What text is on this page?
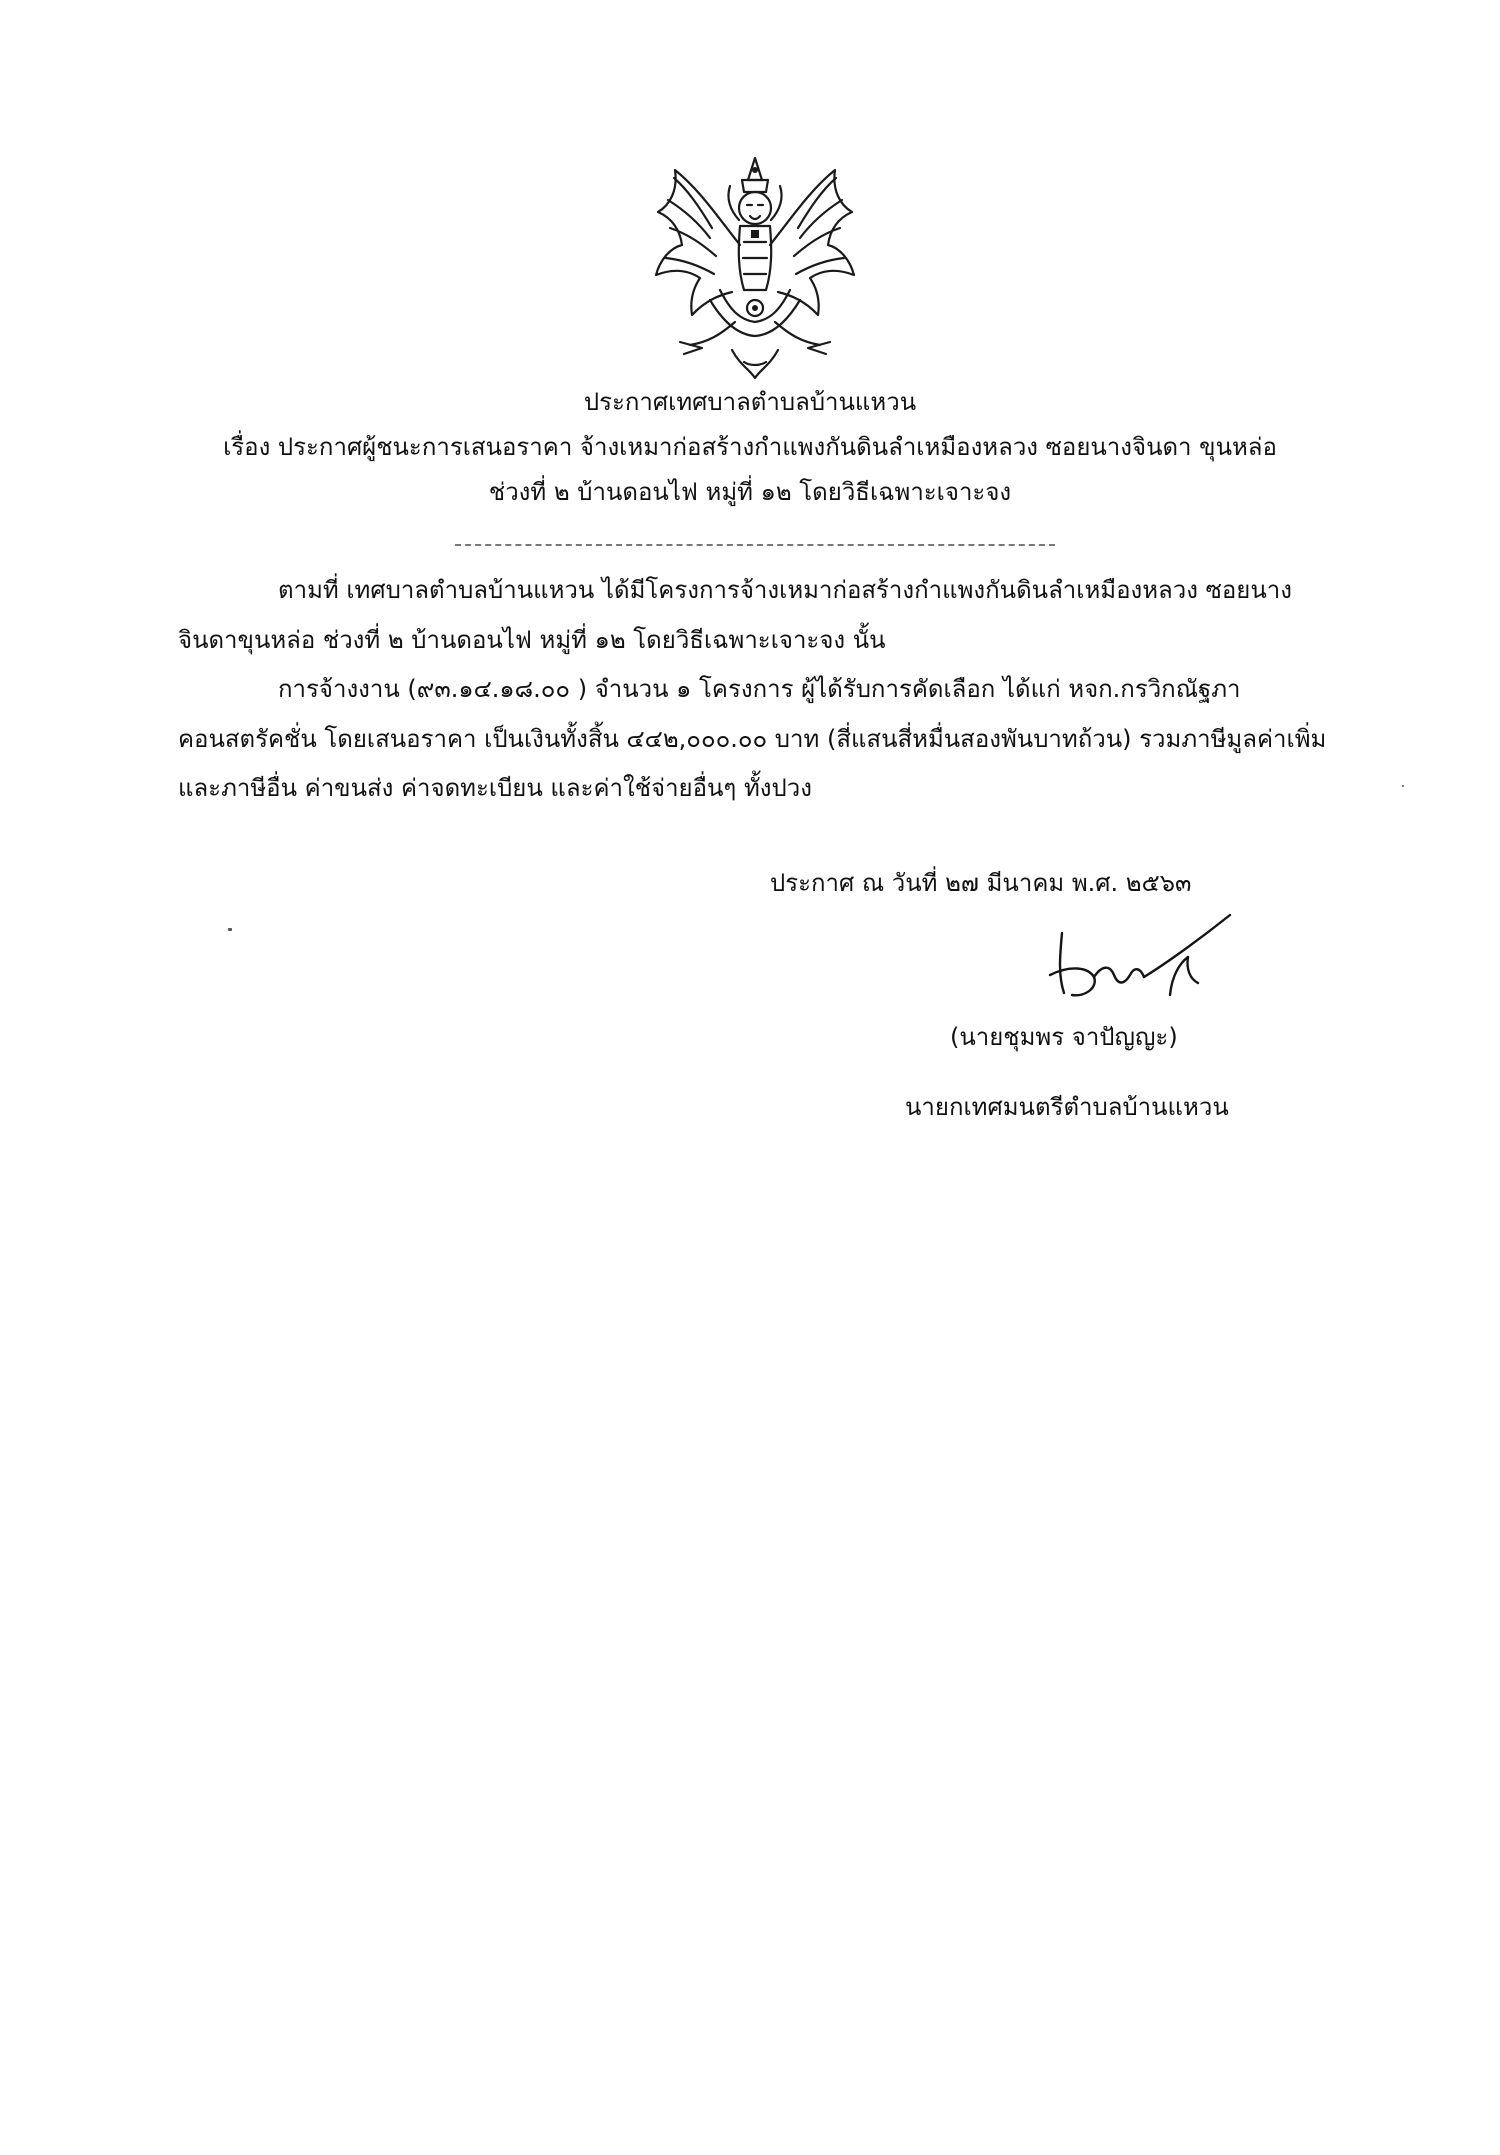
ประกาศเทศบาลตำบลบ้านแหวน
เรื่อง ประกาศผู้ชนะการเสนอราคา จ้างเหมาก่อสร้างกำแพงกันดินลำเหมืองหลวง ซอยนางจินดา ขุนหล่อ
ช่วงที่ ๒ บ้านดอนไฟ หมู่ที่ ๑๒ โดยวิธีเฉพาะเจาะจง
ตามที่ เทศบาลตำบลบ้านแหวน ได้มีโครงการจ้างเหมาก่อสร้างกำแพงกันดินลำเหมืองหลวง ซอยนาง
จินดาขุนหล่อ ช่วงที่ ๒ บ้านดอนไฟ หมู่ที่ ๑๒ โดยวิธีเฉพาะเจาะจง นั้น
การจ้างงาน (๙๓.๑๔.๑๘.๐๐ ) จำนวน ๑ โครงการ ผู้ได้รับการคัดเลือก ได้แก่ หจก.กรวิกณัฐภา
คอนสตรัคชั่น โดยเสนอราคา เป็นเงินทั้งสิ้น ๔๔๒,๐๐๐.๐๐ บาท (สี่แสนสี่หมื่นสองพันบาทถ้วน) รวมภาษีมูลค่าเพิ่ม
และภาษีอื่น ค่าขนส่ง ค่าจดทะเบียน และค่าใช้จ่ายอื่นๆ ทั้งปวง
ประกาศ ณ วันที่ ๒๗ มีนาคม พ.ศ. ๒๕๖๓
(นายชุมพร จาปัญญะ)
นายกเทศมนตรีตำบลบ้านแหวน
